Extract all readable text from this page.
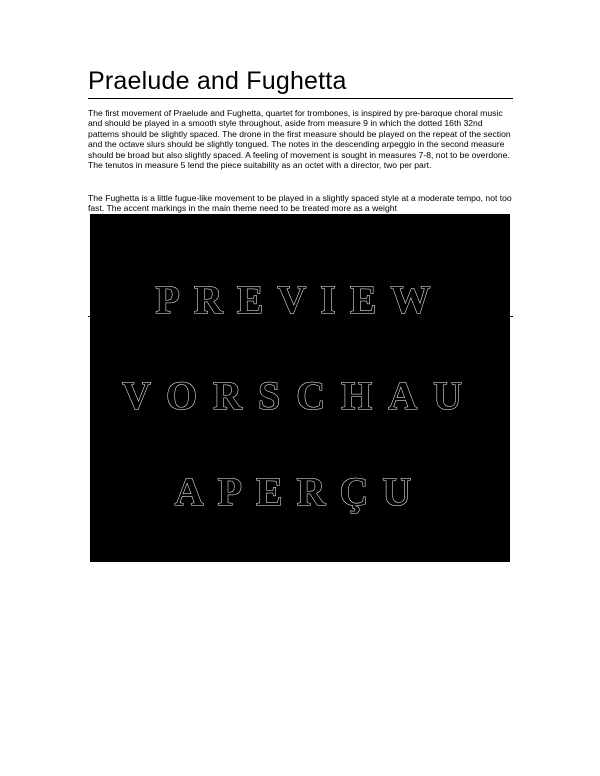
Praelude and Fughetta

The first movement of Praelude and Fughetta, quartet for trombones, is inspired by pre-baroque choral music and should be played in a smooth style throughout, aside from measure 9 in which the dotted 16th 32nd patterns should be slightly spaced. The drone in the first measure should be played on the repeat of the section and the octave slurs should be slightly tongued. The notes in the descending arpeggio in the second measure should be broad but also slightly spaced. A feeling of movement is sought in measures 7-8, not to be overdone. The tenutos in measure 5 lend the piece suitability as an octet with a director, two per part.

The Fughetta is a little fugue-like movement to be played in a slightly spaced style at a moderate tempo, not too fast. The accent markings in the main theme need to be treated more as a weight

PREVIEW
VORSCHAU
APERÇU
